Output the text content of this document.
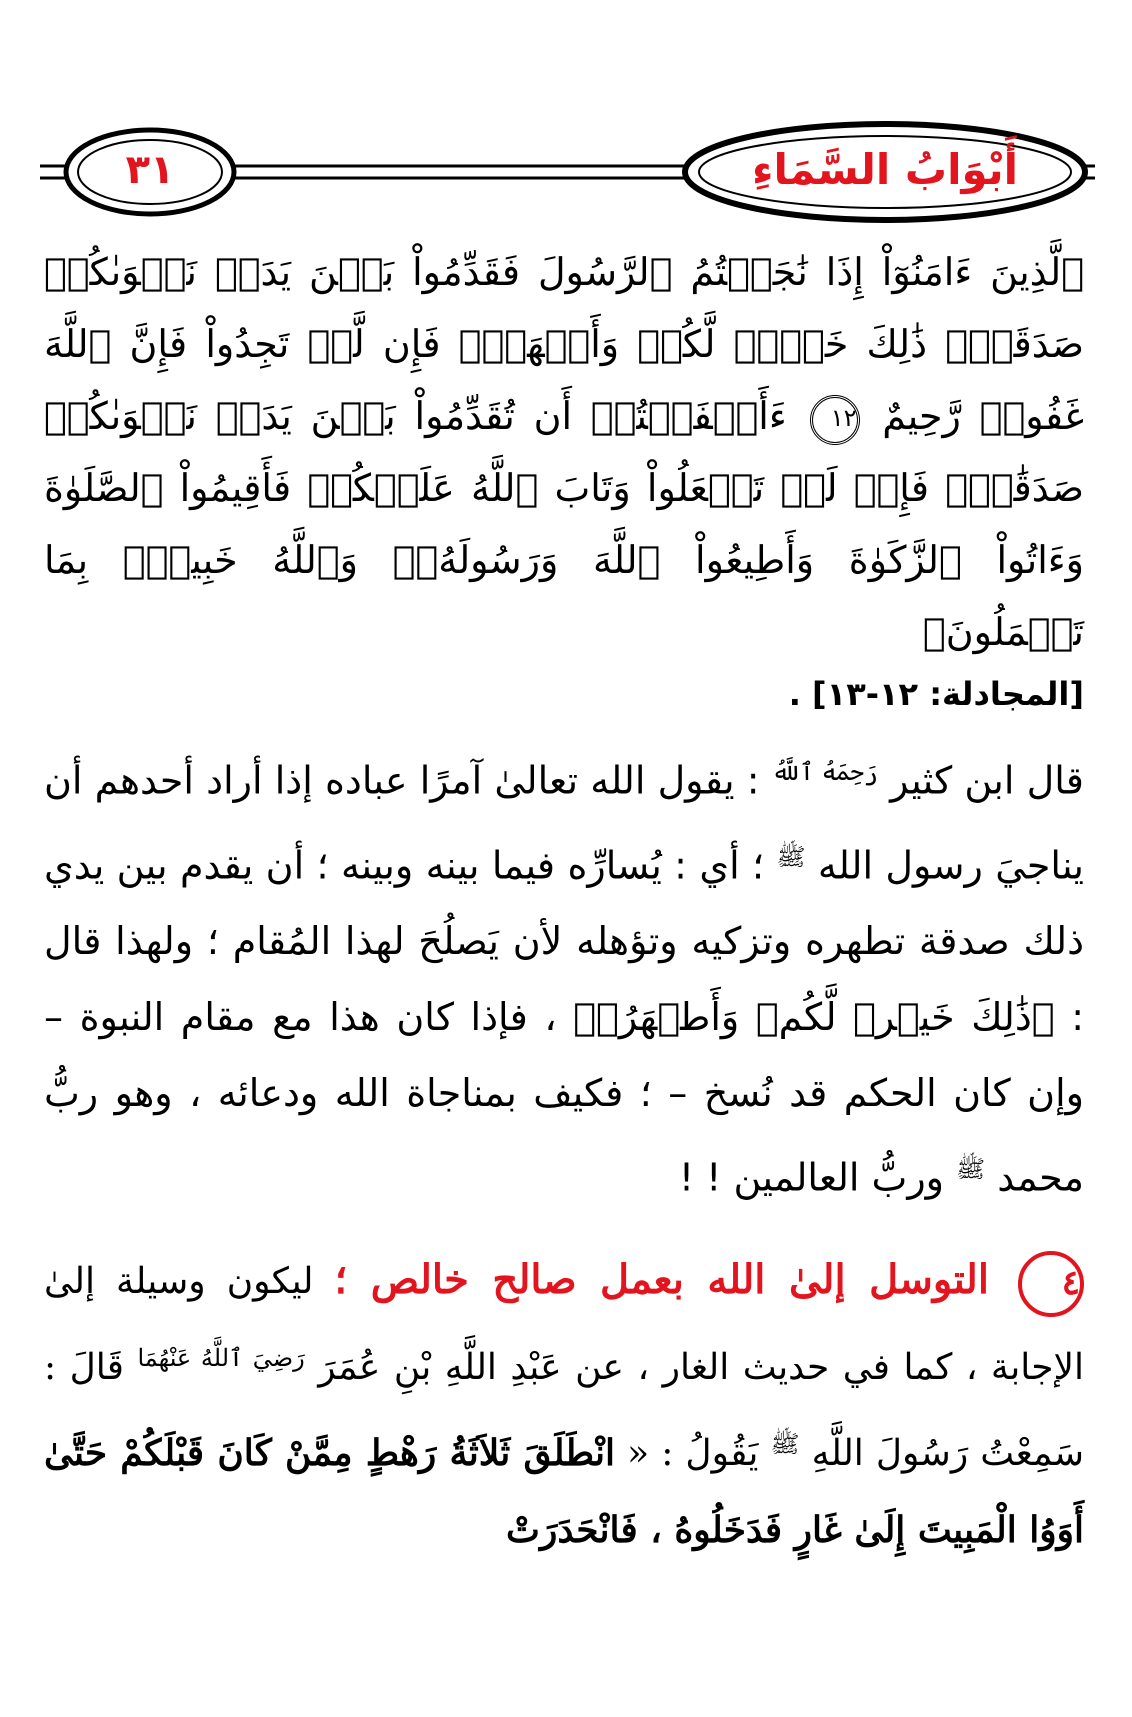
٣١	أَبْوَابُ السَّمَاءِ

ٱلَّذِينَ ءَامَنُوٓاْ إِذَا نَٰجَيۡتُمُ ٱلرَّسُولَ فَقَدِّمُواْ بَيۡنَ يَدَيۡ نَجۡوَىٰكُمۡ صَدَقَةٗۚ ذَٰلِكَ خَيۡرٞ لَّكُمۡ وَأَطۡهَرُۚ فَإِن لَّمۡ تَجِدُواْ فَإِنَّ ٱللَّهَ غَفُورٞ رَّحِيمٌ ١٢ ءَأَشۡفَقۡتُمۡ أَن تُقَدِّمُواْ بَيۡنَ يَدَيۡ نَجۡوَىٰكُمۡ صَدَقَٰتٖۚ فَإِذۡ لَمۡ تَفۡعَلُواْ وَتَابَ ٱللَّهُ عَلَيۡكُمۡ فَأَقِيمُواْ ٱلصَّلَوٰةَ وَءَاتُواْ ٱلزَّكَوٰةَ وَأَطِيعُواْ ٱللَّهَ وَرَسُولَهُۥۚ وَٱللَّهُ خَبِيرُۢ بِمَا تَعۡمَلُونَ﴾

[المجادلة: ١٢-١٣] .

قال ابن كثير $^{رَحِمَهُ ٱللَّهُ}$ : يقول الله تعالىٰ آمرًا عباده إذا أراد أحدهم أن يناجيَ رسول الله $^ﷺ$ ؛ أي : يُسارِّه فيما بينه وبينه ؛ أن يقدم بين يدي ذلك صدقة تطهره وتزكيه وتؤهله لأن يَصلُحَ لهذا المُقام ؛ ولهذا قال : ﴿ذَٰلِكَ خَيۡرٞ لَّكُمۡ وَأَطۡهَرُۚ﴾ ، فإذا كان هذا مع مقام النبوة – وإن كان الحكم قد نُسخ – ؛ فكيف بمناجاة الله ودعائه ، وهو ربُّ محمد $^ﷺ$ وربُّ العالمين ! !

٤ التوسل إلىٰ الله بعمل صالح خالص ؛ ليكون وسيلة إلىٰ الإجابة ، كما في حديث الغار ، عن عَبْدِ اللَّهِ بْنِ عُمَرَ $^{رَضِيَ ٱللَّهُ عَنْهُمَا}$ قَالَ : سَمِعْتُ رَسُولَ اللَّهِ $^ﷺ$ يَقُولُ : « انْطَلَقَ ثَلاَثَةُ رَهْطٍ مِمَّنْ كَانَ قَبْلَكُمْ حَتَّىٰ أَوَوُا الْمَبِيتَ إِلَىٰ غَارٍ فَدَخَلُوهُ ، فَانْحَدَرَتْ
